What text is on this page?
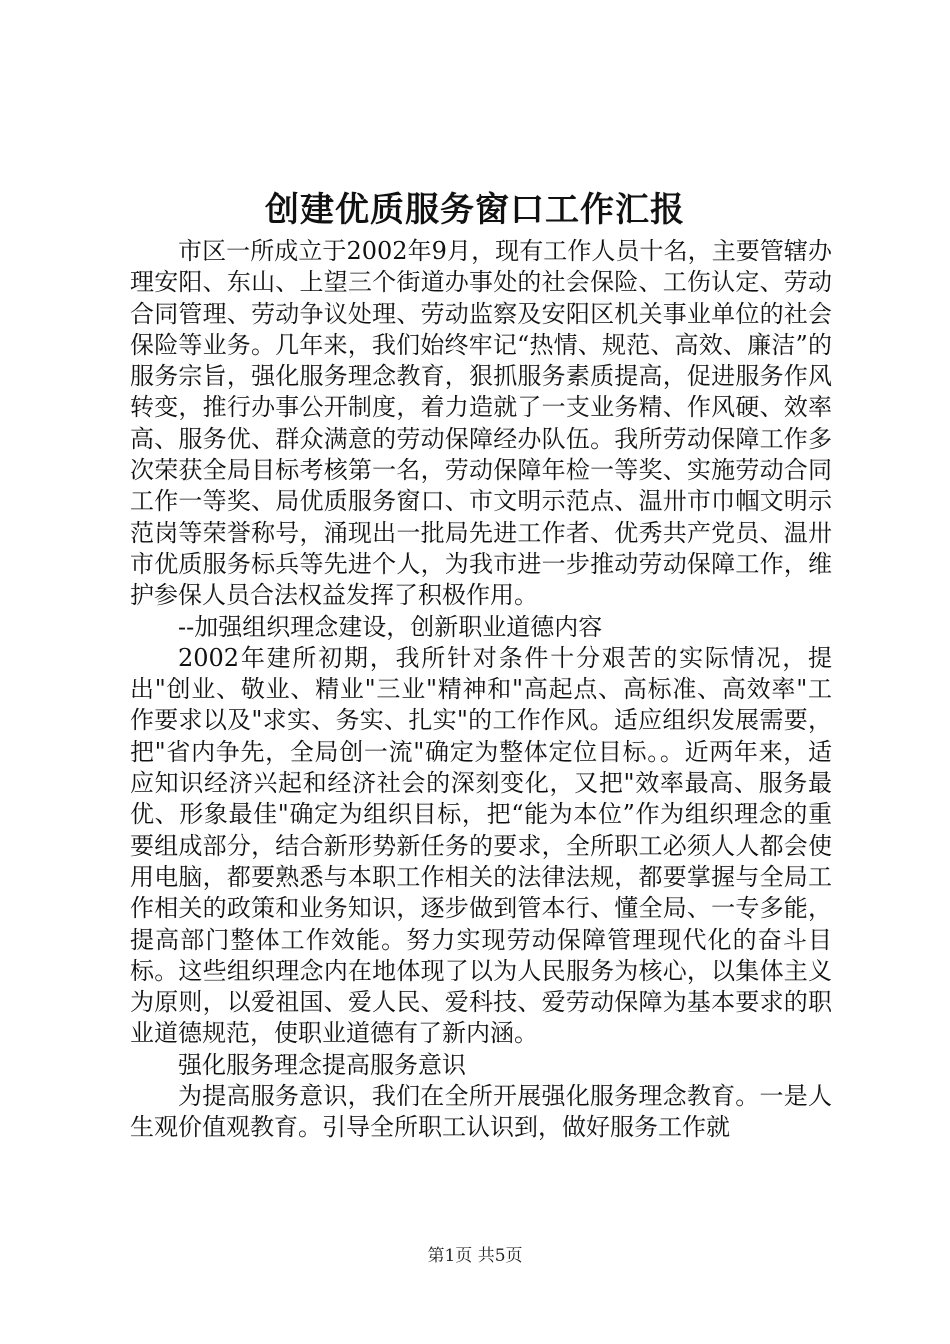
创建优质服务窗口工作汇报

市区一所成立于2002年9月，现有工作人员十名，主要管辖办理安阳、东山、上望三个街道办事处的社会保险、工伤认定、劳动合同管理、劳动争议处理、劳动监察及安阳区机关事业单位的社会保险等业务。几年来，我们始终牢记“热情、规范、高效、廉洁”的服务宗旨，强化服务理念教育，狠抓服务素质提高，促进服务作风转变，推行办事公开制度，着力造就了一支业务精、作风硬、效率高、服务优、群众满意的劳动保障经办队伍。我所劳动保障工作多次荣获全局目标考核第一名，劳动保障年检一等奖、实施劳动合同工作一等奖、局优质服务窗口、市文明示范点、温卅市巾帼文明示范岗等荣誉称号，涌现出一批局先进工作者、优秀共产党员、温卅市优质服务标兵等先进个人，为我市进一步推动劳动保障工作，维护参保人员合法权益发挥了积极作用。

--加强组织理念建设，创新职业道德内容

2002年建所初期，我所针对条件十分艰苦的实际情况，提出"创业、敬业、精业"三业"精神和"高起点、高标准、高效率"工作要求以及"求实、务实、扎实"的工作作风。适应组织发展需要，把"省内争先，全局创一流"确定为整体定位目标。。近两年来，适应知识经济兴起和经济社会的深刻变化，又把"效率最高、服务最优、形象最佳"确定为组织目标，把“能为本位”作为组织理念的重要组成部分，结合新形势新任务的要求，全所职工必须人人都会使用电脑，都要熟悉与本职工作相关的法律法规，都要掌握与全局工作相关的政策和业务知识，逐步做到管本行、懂全局、一专多能，提高部门整体工作效能。努力实现劳动保障管理现代化的奋斗目标。这些组织理念内在地体现了以为人民服务为核心，以集体主义为原则，以爱祖国、爱人民、爱科技、爱劳动保障为基本要求的职业道德规范，使职业道德有了新内涵。

强化服务理念提高服务意识

为提高服务意识，我们在全所开展强化服务理念教育。一是人生观价值观教育。引导全所职工认识到，做好服务工作就

第1页 共5页
